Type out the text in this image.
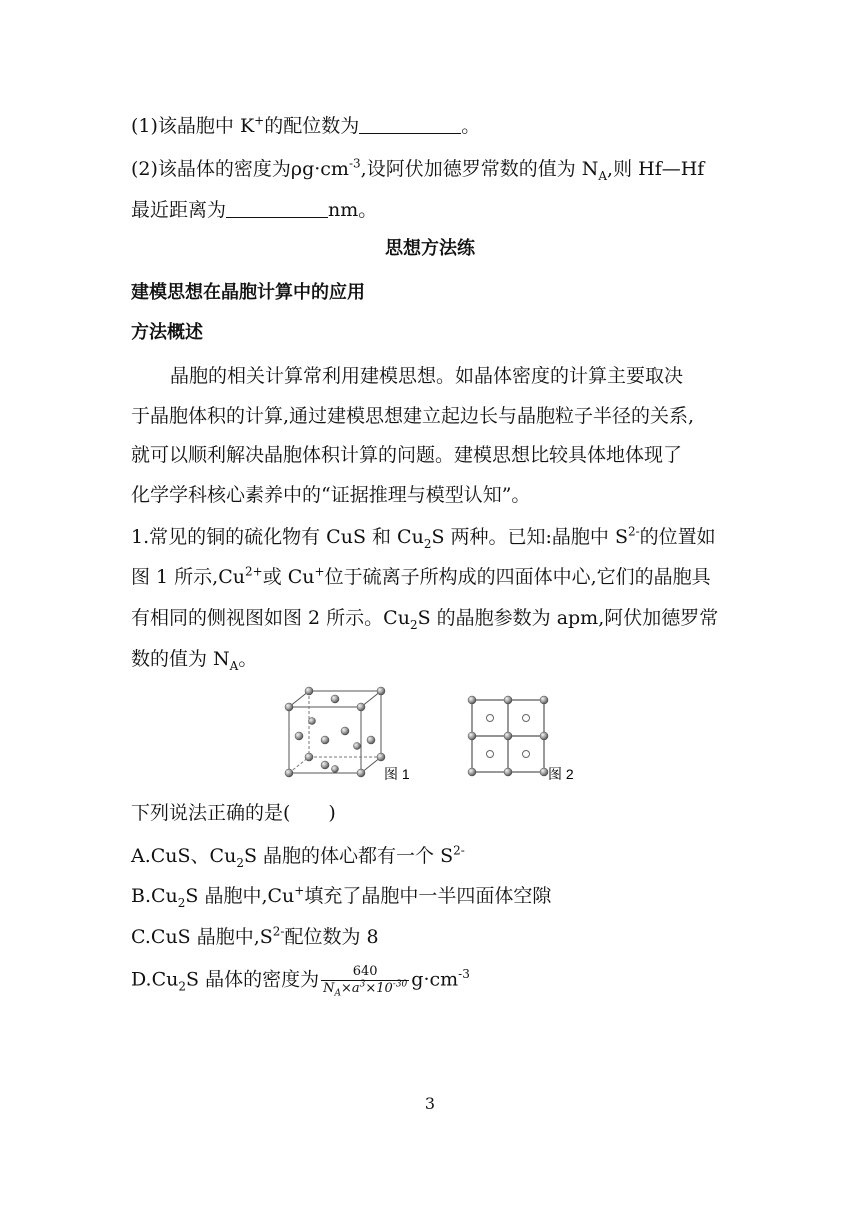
(1)该晶胞中 K+的配位数为	。
(2)该晶体的密度为$\rho g\cdot cm^{-3}$,设阿伏加德罗常数的值为 $N_A$,则 Hf—Hf
最近距离为	nm。
思想方法练
建模思想在晶胞计算中的应用
方法概述
晶胞的相关计算常利用建模思想。如晶体密度的计算主要取决
于晶胞体积的计算,通过建模思想建立起边长与晶胞粒子半径的关系,
就可以顺利解决晶胞体积计算的问题。建模思想比较具体地体现了
化学学科核心素养中的“证据推理与模型认知”。
1.常见的铜的硫化物有 CuS 和 $Cu_2S$ 两种。已知:晶胞中 $S^{2-}$的位置如
图 1 所示$,Cu^{2+}$或 Cu+位于硫离子所构成的四面体中心,它们的晶胞具
有相同的侧视图如图 2 所示。$Cu_2S$ 的晶胞参数为 apm,阿伏加德罗常
数的值为 $N_A$。
图 1	图 2
下列说法正确的是(　　)
A.CuS、$Cu_2S$ 晶胞的体心都有一个 $S^{2-}$
$B.Cu_2S$ 晶胞中,Cu+填充了晶胞中一半四面体空隙
C.CuS 晶胞中$,S^{2-}$配位数为 8
$D.Cu_2S$ 晶体的密度为 $\frac{640}{N_A\times a^3\times 10^{-30}} g\cdot cm^{-3}$
3
